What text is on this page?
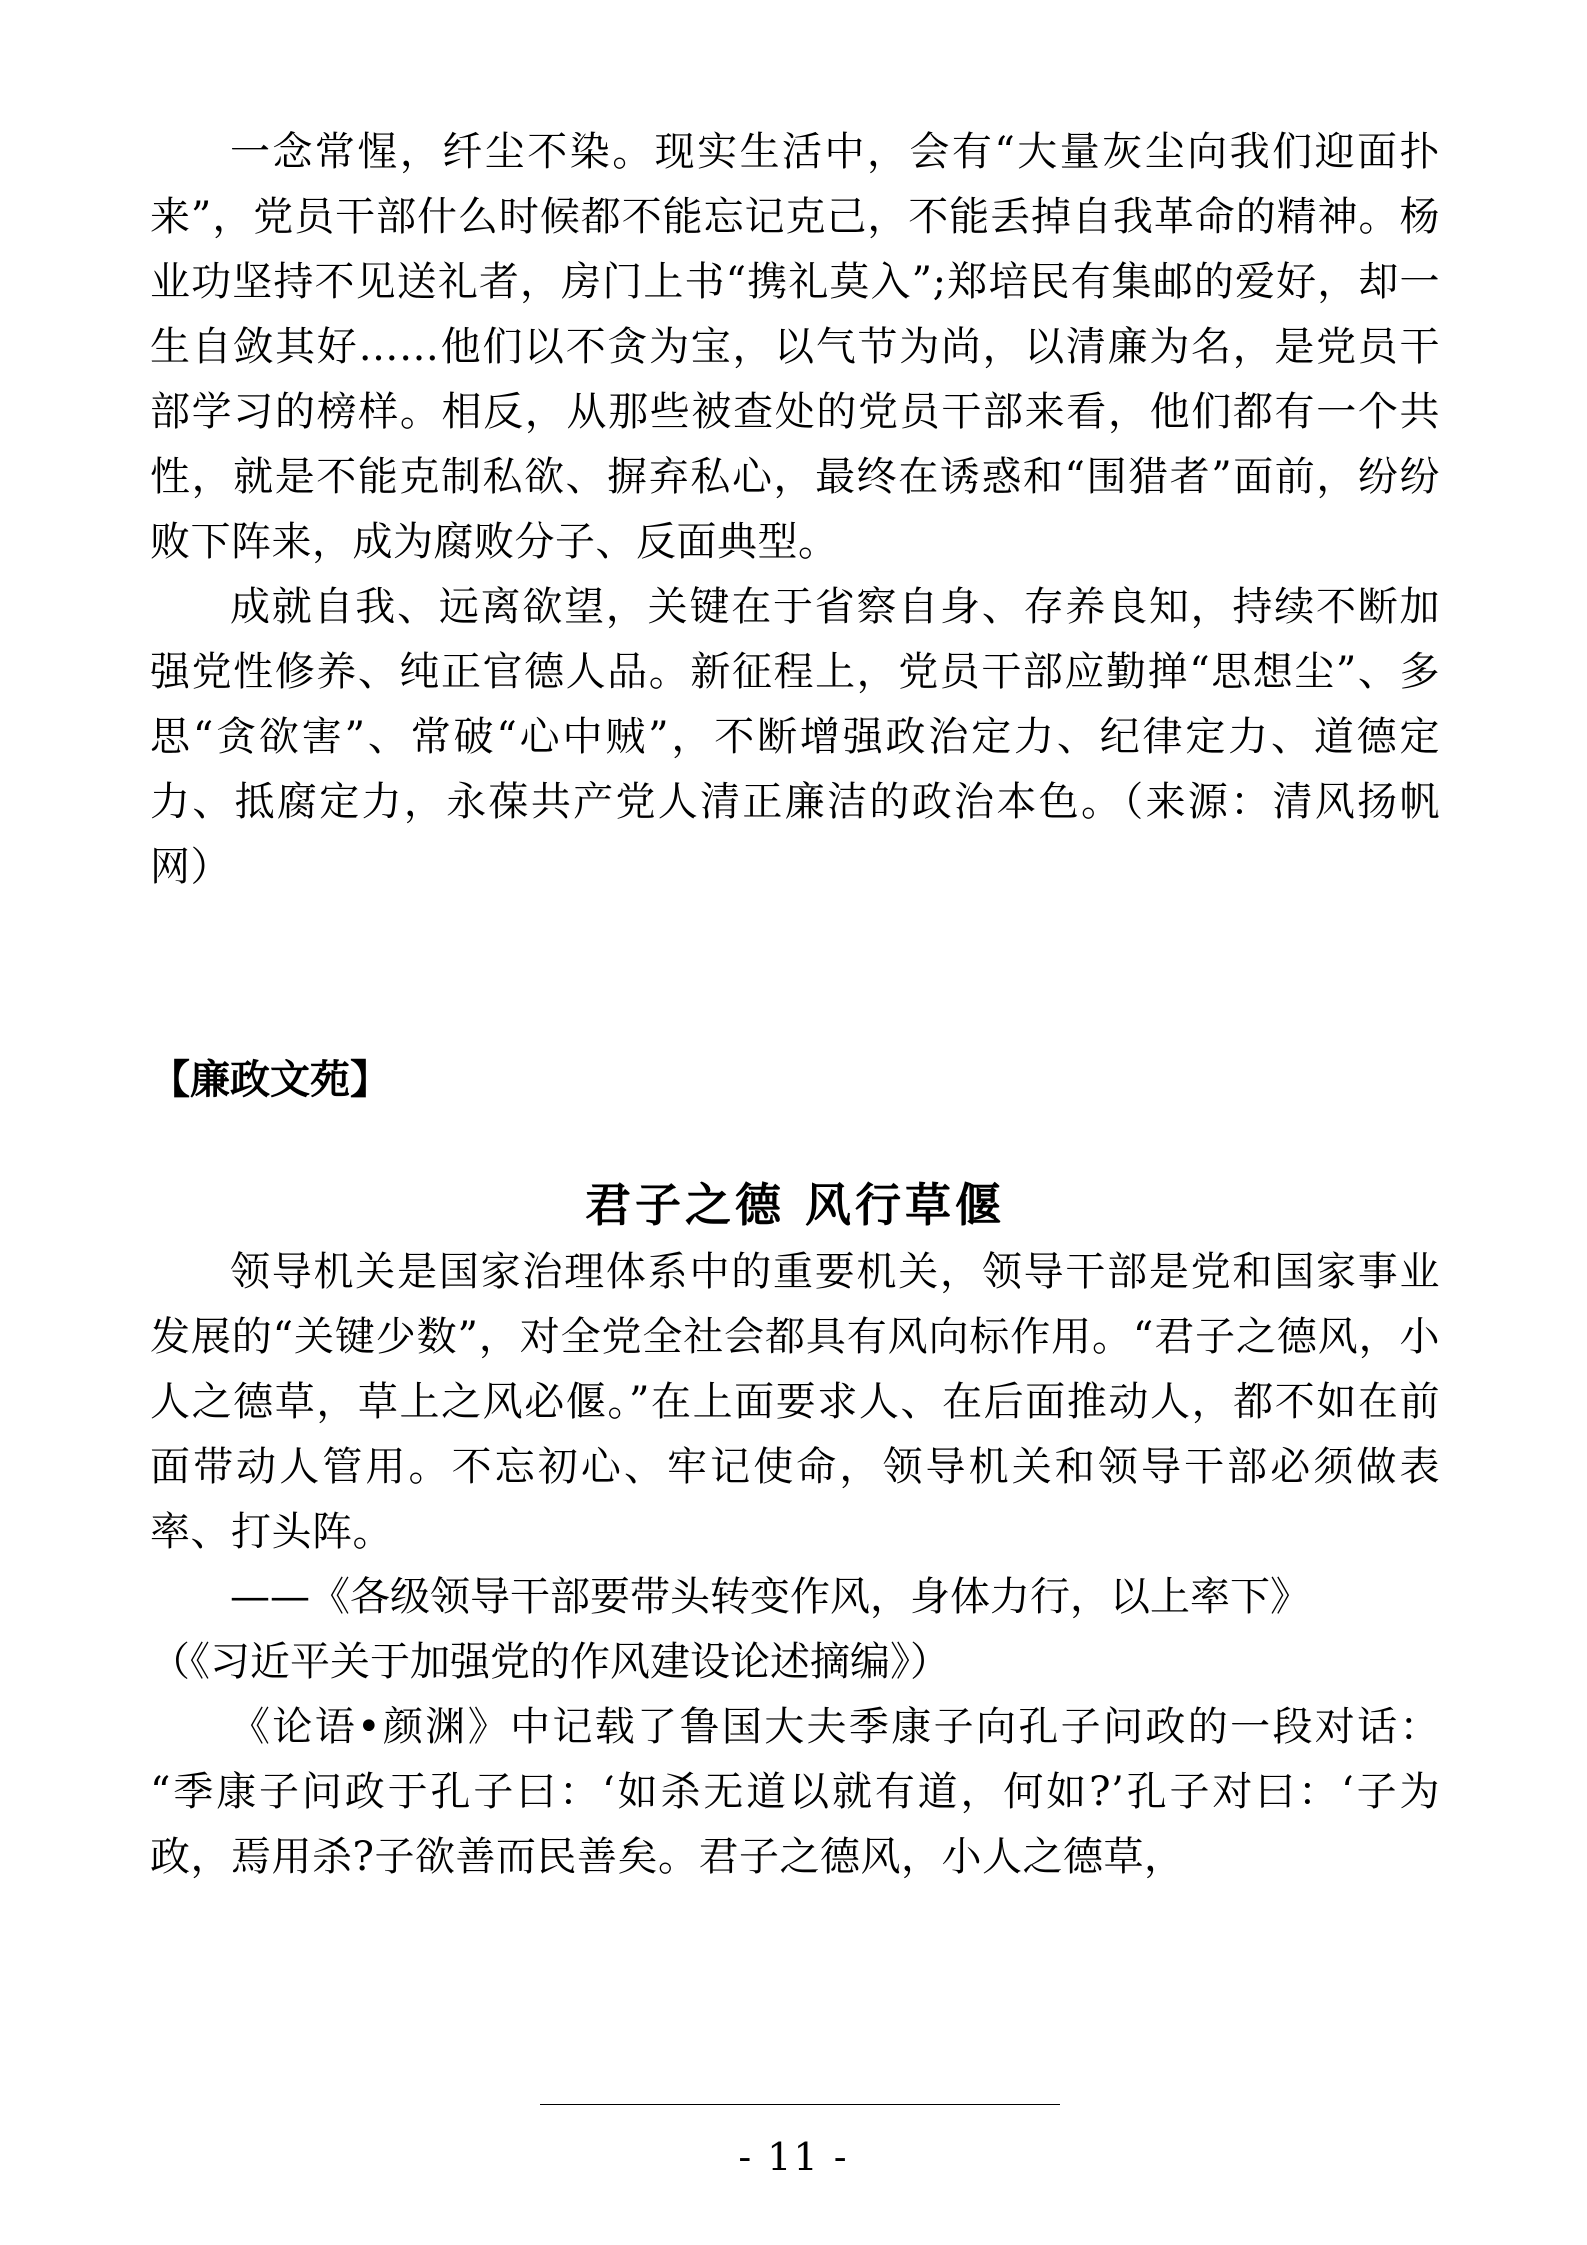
一念常惺，纤尘不染。现实生活中，会有“大量灰尘向我们迎面扑来”，党员干部什么时候都不能忘记克己，不能丢掉自我革命的精神。杨业功坚持不见送礼者，房门上书“携礼莫入”;郑培民有集邮的爱好，却一生自敛其好……他们以不贪为宝，以气节为尚，以清廉为名，是党员干部学习的榜样。相反，从那些被查处的党员干部来看，他们都有一个共性，就是不能克制私欲、摒弃私心，最终在诱惑和“围猎者”面前，纷纷败下阵来，成为腐败分子、反面典型。

成就自我、远离欲望，关键在于省察自身、存养良知，持续不断加强党性修养、纯正官德人品。新征程上，党员干部应勤掸“思想尘”、多思“贪欲害”、常破“心中贼”，不断增强政治定力、纪律定力、道德定力、抵腐定力，永葆共产党人清正廉洁的政治本色。（来源：清风扬帆网）

【廉政文苑】

君子之德 风行草偃

领导机关是国家治理体系中的重要机关，领导干部是党和国家事业发展的“关键少数”，对全党全社会都具有风向标作用。“君子之德风，小人之德草，草上之风必偃。”在上面要求人、在后面推动人，都不如在前面带动人管用。不忘初心、牢记使命，领导机关和领导干部必须做表率、打头阵。

——《各级领导干部要带头转变作风，身体力行，以上率下》

（《习近平关于加强党的作风建设论述摘编》）

《论语•颜渊》中记载了鲁国大夫季康子向孔子问政的一段对话：“季康子问政于孔子曰：‘如杀无道以就有道，何如?’孔子对曰：‘子为政，焉用杀?子欲善而民善矣。君子之德风，小人之德草，

- 11 -
